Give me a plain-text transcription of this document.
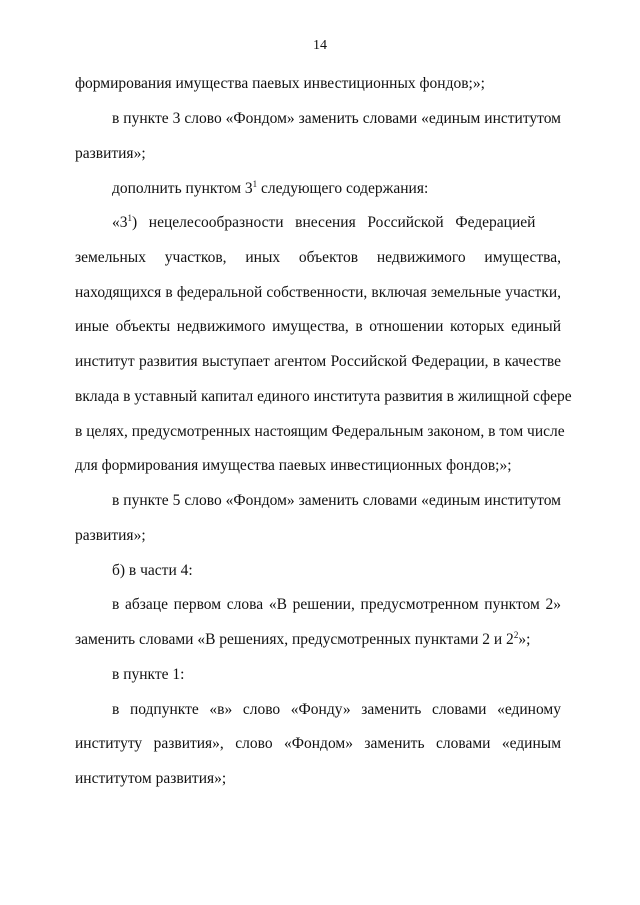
14
формирования имущества паевых инвестиционных фондов;»;
в пункте 3 слово «Фондом» заменить словами «единым институтом
развития»;
дополнить пунктом $3^1$ следующего содержания:
«$3^1$)   нецелесообразности   внесения   Российской   Федерацией
земельных участков, иных объектов недвижимого имущества,
находящихся в федеральной собственности, включая земельные участки,
иные объекты недвижимого имущества, в отношении которых единый
институт развития выступает агентом Российской Федерации, в качестве
вклада в уставный капитал единого института развития в жилищной сфере
в целях, предусмотренных настоящим Федеральным законом, в том числе
для формирования имущества паевых инвестиционных фондов;»;
в пункте 5 слово «Фондом» заменить словами «единым институтом
развития»;
б) в части 4:
в абзаце первом слова «В решении, предусмотренном пунктом 2»
заменить словами «В решениях, предусмотренных пунктами 2 и $2^2$»;
в пункте 1:
в подпункте «в» слово «Фонду» заменить словами «единому
институту развития», слово «Фондом» заменить словами «единым
институтом развития»;
